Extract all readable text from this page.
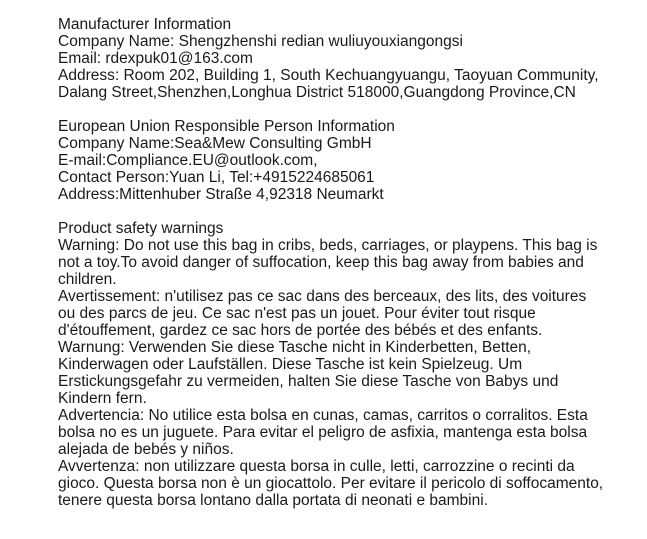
Manufacturer Information
Company Name: Shengzhenshi redian wuliuyouxiangongsi
Email: rdexpuk01@163.com
Address: Room 202, Building 1, South Kechuangyuangu, Taoyuan Community,
Dalang Street,Shenzhen,Longhua District 518000,Guangdong Province,CN
European Union Responsible Person Information
Company Name:Sea&Mew Consulting GmbH
E-mail:Compliance.EU@outlook.com,
Contact Person:Yuan Li, Tel:+4915224685061
Address:Mittenhuber Straße 4,92318 Neumarkt
Product safety warnings
Warning: Do not use this bag in cribs, beds, carriages, or playpens. This bag is
not a toy.To avoid danger of suffocation, keep this bag away from babies and
children.
Avertissement: n'utilisez pas ce sac dans des berceaux, des lits, des voitures
ou des parcs de jeu. Ce sac n'est pas un jouet. Pour éviter tout risque
d'étouffement, gardez ce sac hors de portée des bébés et des enfants.
Warnung: Verwenden Sie diese Tasche nicht in Kinderbetten, Betten,
Kinderwagen oder Laufställen. Diese Tasche ist kein Spielzeug. Um
Erstickungsgefahr zu vermeiden, halten Sie diese Tasche von Babys und
Kindern fern.
Advertencia: No utilice esta bolsa en cunas, camas, carritos o corralitos. Esta
bolsa no es un juguete. Para evitar el peligro de asfixia, mantenga esta bolsa
alejada de bebés y niños.
Avvertenza: non utilizzare questa borsa in culle, letti, carrozzine o recinti da
gioco. Questa borsa non è un giocattolo. Per evitare il pericolo di soffocamento,
tenere questa borsa lontano dalla portata di neonati e bambini.
